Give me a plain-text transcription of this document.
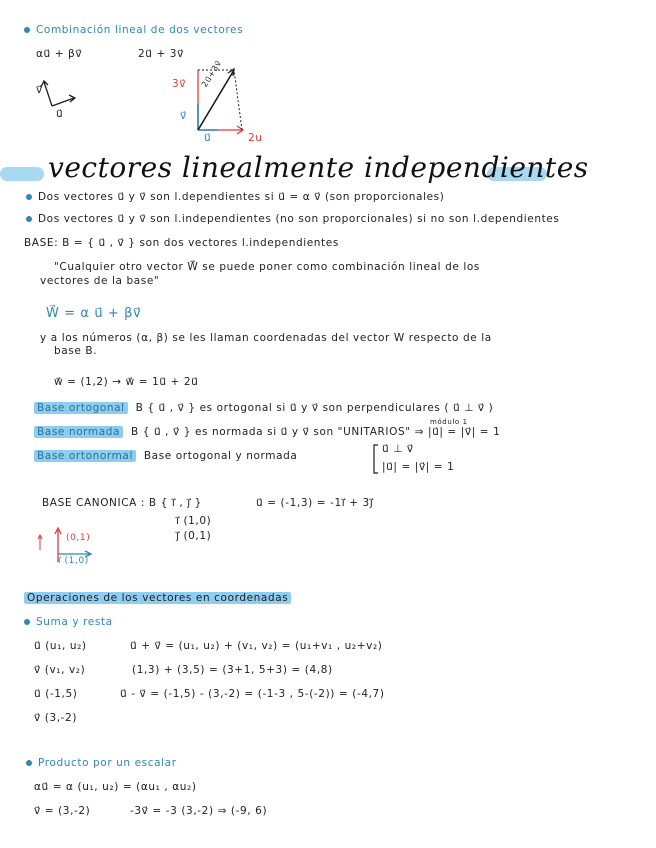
Combinación lineal de dos vectores
αu⃗ + βv⃗	2u⃗ + 3v⃗
v⃗
u⃗
3v⃗
v⃗
u⃗	2u
2u⃗+3v⃗
vectores linealmente independientes
Dos vectores u⃗ y v⃗ son l.dependientes si u⃗ = α v⃗ (son proporcionales)
Dos vectores u⃗ y v⃗ son l.independientes (no son proporcionales) si no son l.dependientes
BASE: B = { u⃗ , v⃗ } son dos vectores l.independientes
"Cualquier otro vector W⃗ se puede poner como combinación lineal de los
vectores de la base"
W⃗ = α u⃗ + βv⃗
y a los números (α, β) se les llaman coordenadas del vector W respecto de la
base B.
w⃗ = (1,2) → w⃗ = 1u⃗ + 2u⃗
Base ortogonal B { u⃗ , v⃗ } es ortogonal si u⃗ y v⃗ son perpendiculares ( u⃗ ⊥ v⃗ )
módulo 1
Base normada B { u⃗ , v⃗ } es normada si u⃗ y v⃗ son "UNITARIOS" ⇒ |u⃗| = |v⃗| = 1
Base ortonormal Base ortogonal y normada
u⃗ ⊥ v⃗
|u⃗| = |v⃗| = 1
BASE CANONICA : B { i⃗ , j⃗ }	u⃗ = (-1,3) = -1i⃗ + 3j⃗
i⃗ (1,0)
j⃗ (0,1)
(0,1)
i⃗ (1,0)
Operaciones de los vectores en coordenadas
Suma y resta
u⃗ (u₁, u₂)	u⃗ + v⃗ = (u₁, u₂) + (v₁, v₂) = (u₁+v₁ , u₂+v₂)
v⃗ (v₁, v₂)	(1,3) + (3,5) = (3+1, 5+3) = (4,8)
u⃗ (-1,5)	u⃗ - v⃗ = (-1,5) - (3,-2) = (-1-3 , 5-(-2)) = (-4,7)
v⃗ (3,-2)
Producto por un escalar
αu⃗ = α (u₁, u₂) = (αu₁ , αu₂)
v⃗ = (3,-2)	-3v⃗ = -3 (3,-2) ⇒ (-9, 6)
